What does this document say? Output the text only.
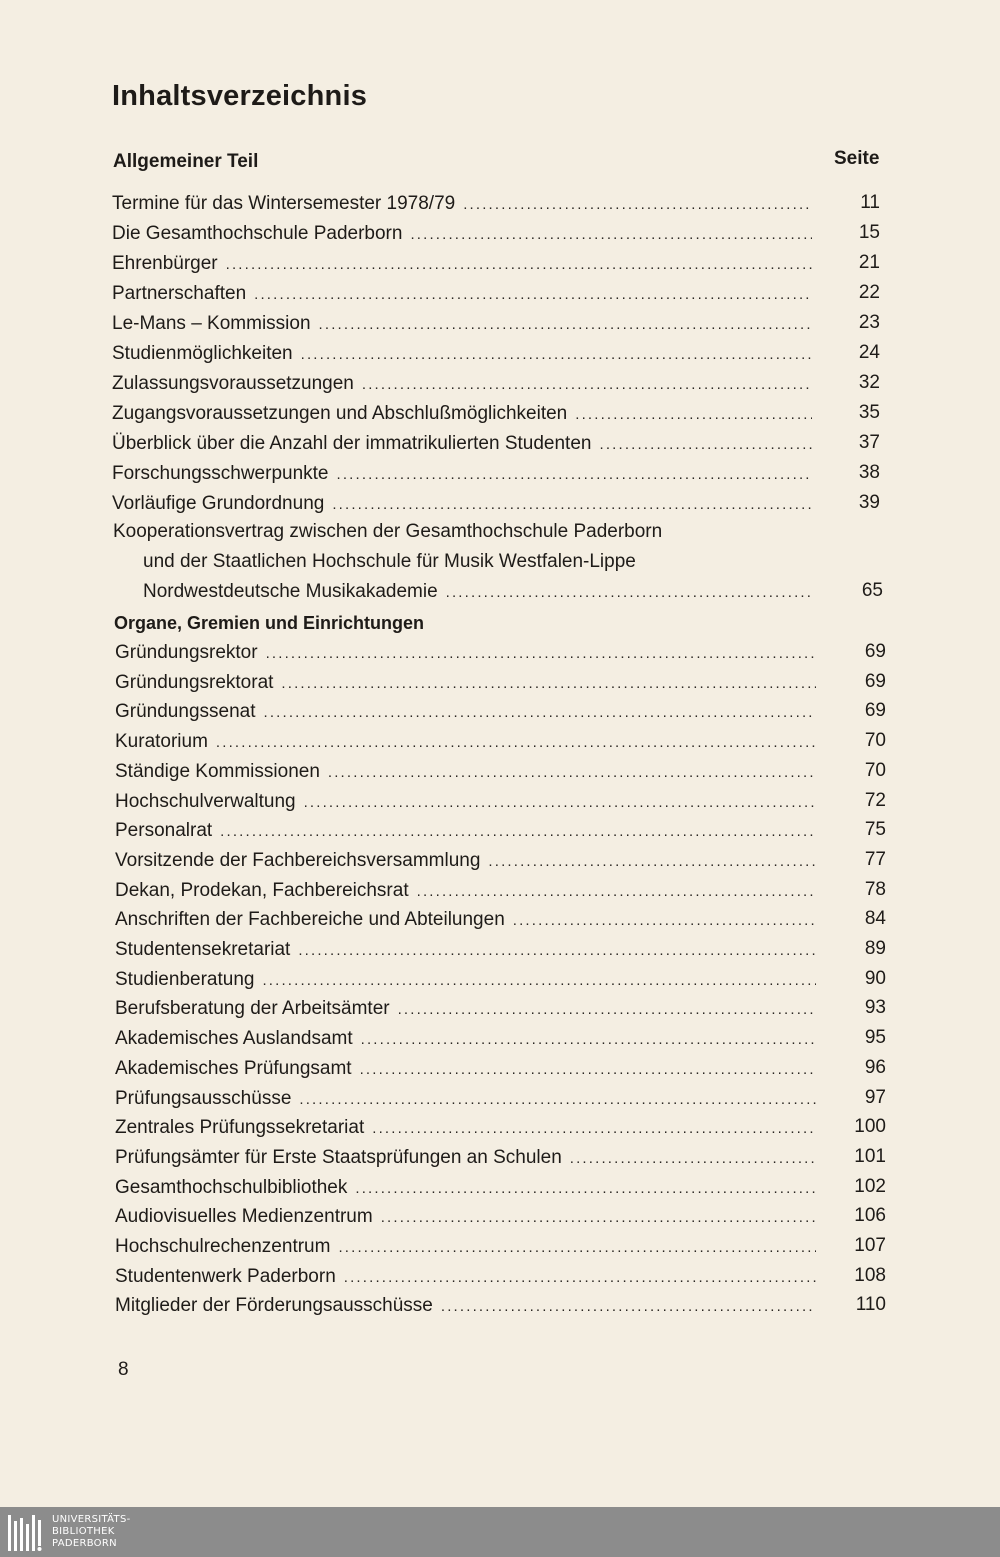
Inhaltsverzeichnis
Allgemeiner Teil	Seite
Termine für das Wintersemester 1978/79 . . .	11
Die Gesamthochschule Paderborn . . .	15
Ehrenbürger . . .	21
Partnerschaften . . .	22
Le-Mans – Kommission . . .	23
Studienmöglichkeiten . . .	24
Zulassungsvoraussetzungen . . .	32
Zugangsvoraussetzungen und Abschlußmöglichkeiten . . .	35
Überblick über die Anzahl der immatrikulierten Studenten . . .	37
Forschungsschwerpunkte . . .	38
Vorläufige Grundordnung . . .	39
Kooperationsvertrag zwischen der Gesamthochschule Paderborn
und der Staatlichen Hochschule für Musik Westfalen-Lippe
Nordwestdeutsche Musikakademie . . .	65
Organe, Gremien und Einrichtungen
Gründungsrektor . . .	69
Gründungsrektorat . . .	69
Gründungssenat . . .	69
Kuratorium . . .	70
Ständige Kommissionen . . .	70
Hochschulverwaltung . . .	72
Personalrat . . .	75
Vorsitzende der Fachbereichsversammlung . . .	77
Dekan, Prodekan, Fachbereichsrat . . .	78
Anschriften der Fachbereiche und Abteilungen . . .	84
Studentensekretariat . . .	89
Studienberatung . . .	90
Berufsberatung der Arbeitsämter . . .	93
Akademisches Auslandsamt . . .	95
Akademisches Prüfungsamt . . .	96
Prüfungsausschüsse . . .	97
Zentrales Prüfungssekretariat . . .	100
Prüfungsämter für Erste Staatsprüfungen an Schulen . . .	101
Gesamthochschulbibliothek . . .	102
Audiovisuelles Medienzentrum . . .	106
Hochschulrechenzentrum . . .	107
Studentenwerk Paderborn . . .	108
Mitglieder der Förderungsausschüsse . . .	110
8
UNIVERSITÄTS-
BIBLIOTHEK
PADERBORN
